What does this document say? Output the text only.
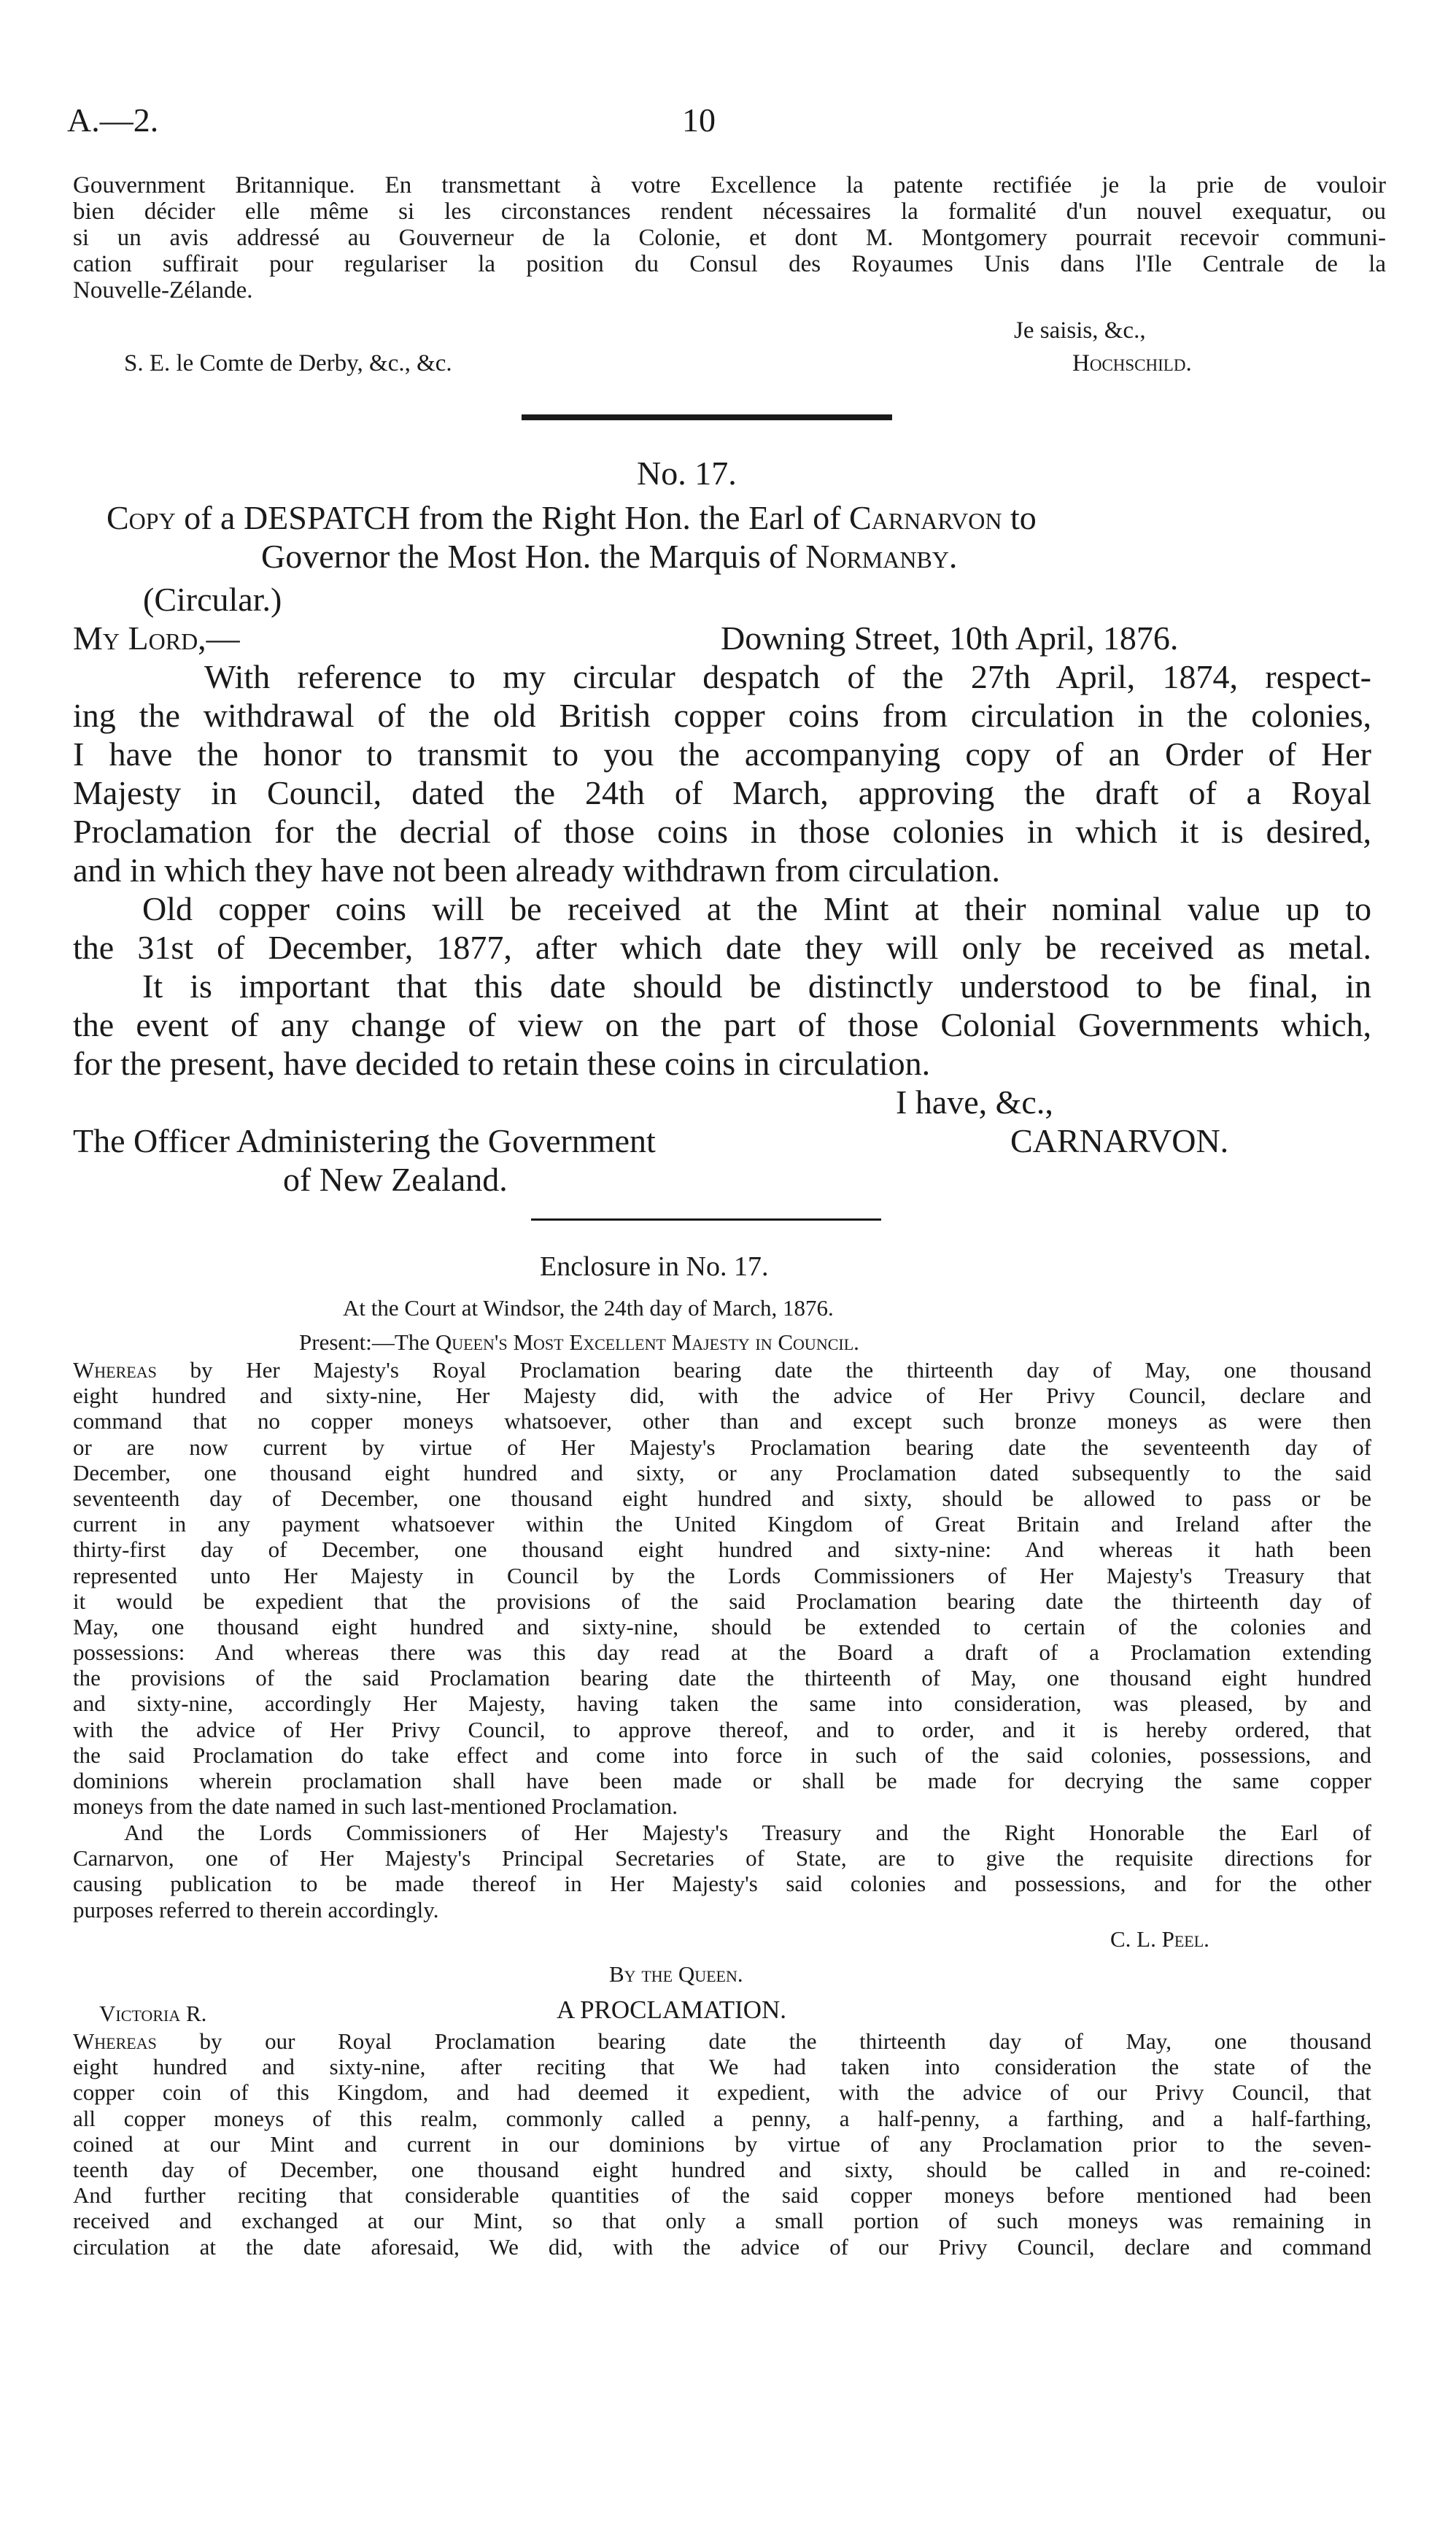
A.—2.	10
Gouvernment Britannique. En transmettant à votre Excellence la patente rectifiée je la prie de vouloir
bien décider elle même si les circonstances rendent nécessaires la formalité d'un nouvel exequatur, ou
si un avis addressé au Gouverneur de la Colonie, et dont M. Montgomery pourrait recevoir communi-
cation suffirait pour regulariser la position du Consul des Royaumes Unis dans l'Ile Centrale de la
Nouvelle-Zélande.
Je saisis, &c.,
S. E. le Comte de Derby, &c., &c.	Hochschild.
No. 17.
Copy of a DESPATCH from the Right Hon. the Earl of Carnarvon to
Governor the Most Hon. the Marquis of Normanby.
(Circular.)
My Lord,—	Downing Street, 10th April, 1876.
With reference to my circular despatch of the 27th April, 1874, respect-
ing the withdrawal of the old British copper coins from circulation in the colonies,
I have the honor to transmit to you the accompanying copy of an Order of Her
Majesty in Council, dated the 24th of March, approving the draft of a Royal
Proclamation for the decrial of those coins in those colonies in which it is desired,
and in which they have not been already withdrawn from circulation.
Old copper coins will be received at the Mint at their nominal value up to
the 31st of December, 1877, after which date they will only be received as metal.
It is important that this date should be distinctly understood to be final, in
the event of any change of view on the part of those Colonial Governments which,
for the present, have decided to retain these coins in circulation.
I have, &c.,
The Officer Administering the Government	CARNARVON.
of New Zealand.
Enclosure in No. 17.
At the Court at Windsor, the 24th day of March, 1876.
Present:—The Queen's Most Excellent Majesty in Council.
Whereas by Her Majesty's Royal Proclamation bearing date the thirteenth day of May, one thousand
eight hundred and sixty-nine, Her Majesty did, with the advice of Her Privy Council, declare and
command that no copper moneys whatsoever, other than and except such bronze moneys as were then
or are now current by virtue of Her Majesty's Proclamation bearing date the seventeenth day of
December, one thousand eight hundred and sixty, or any Proclamation dated subsequently to the said
seventeenth day of December, one thousand eight hundred and sixty, should be allowed to pass or be
current in any payment whatsoever within the United Kingdom of Great Britain and Ireland after the
thirty-first day of December, one thousand eight hundred and sixty-nine: And whereas it hath been
represented unto Her Majesty in Council by the Lords Commissioners of Her Majesty's Treasury that
it would be expedient that the provisions of the said Proclamation bearing date the thirteenth day of
May, one thousand eight hundred and sixty-nine, should be extended to certain of the colonies and
possessions: And whereas there was this day read at the Board a draft of a Proclamation extending
the provisions of the said Proclamation bearing date the thirteenth of May, one thousand eight hundred
and sixty-nine, accordingly Her Majesty, having taken the same into consideration, was pleased, by and
with the advice of Her Privy Council, to approve thereof, and to order, and it is hereby ordered, that
the said Proclamation do take effect and come into force in such of the said colonies, possessions, and
dominions wherein proclamation shall have been made or shall be made for decrying the same copper
moneys from the date named in such last-mentioned Proclamation.
And the Lords Commissioners of Her Majesty's Treasury and the Right Honorable the Earl of
Carnarvon, one of Her Majesty's Principal Secretaries of State, are to give the requisite directions for
causing publication to be made thereof in Her Majesty's said colonies and possessions, and for the other
purposes referred to therein accordingly.
C. L. Peel.
By the Queen.
Victoria R.	A PROCLAMATION.
Whereas by our Royal Proclamation bearing date the thirteenth day of May, one thousand
eight hundred and sixty-nine, after reciting that We had taken into consideration the state of the
copper coin of this Kingdom, and had deemed it expedient, with the advice of our Privy Council, that
all copper moneys of this realm, commonly called a penny, a half-penny, a farthing, and a half-farthing,
coined at our Mint and current in our dominions by virtue of any Proclamation prior to the seven-
teenth day of December, one thousand eight hundred and sixty, should be called in and re-coined:
And further reciting that considerable quantities of the said copper moneys before mentioned had been
received and exchanged at our Mint, so that only a small portion of such moneys was remaining in
circulation at the date aforesaid, We did, with the advice of our Privy Council, declare and command
